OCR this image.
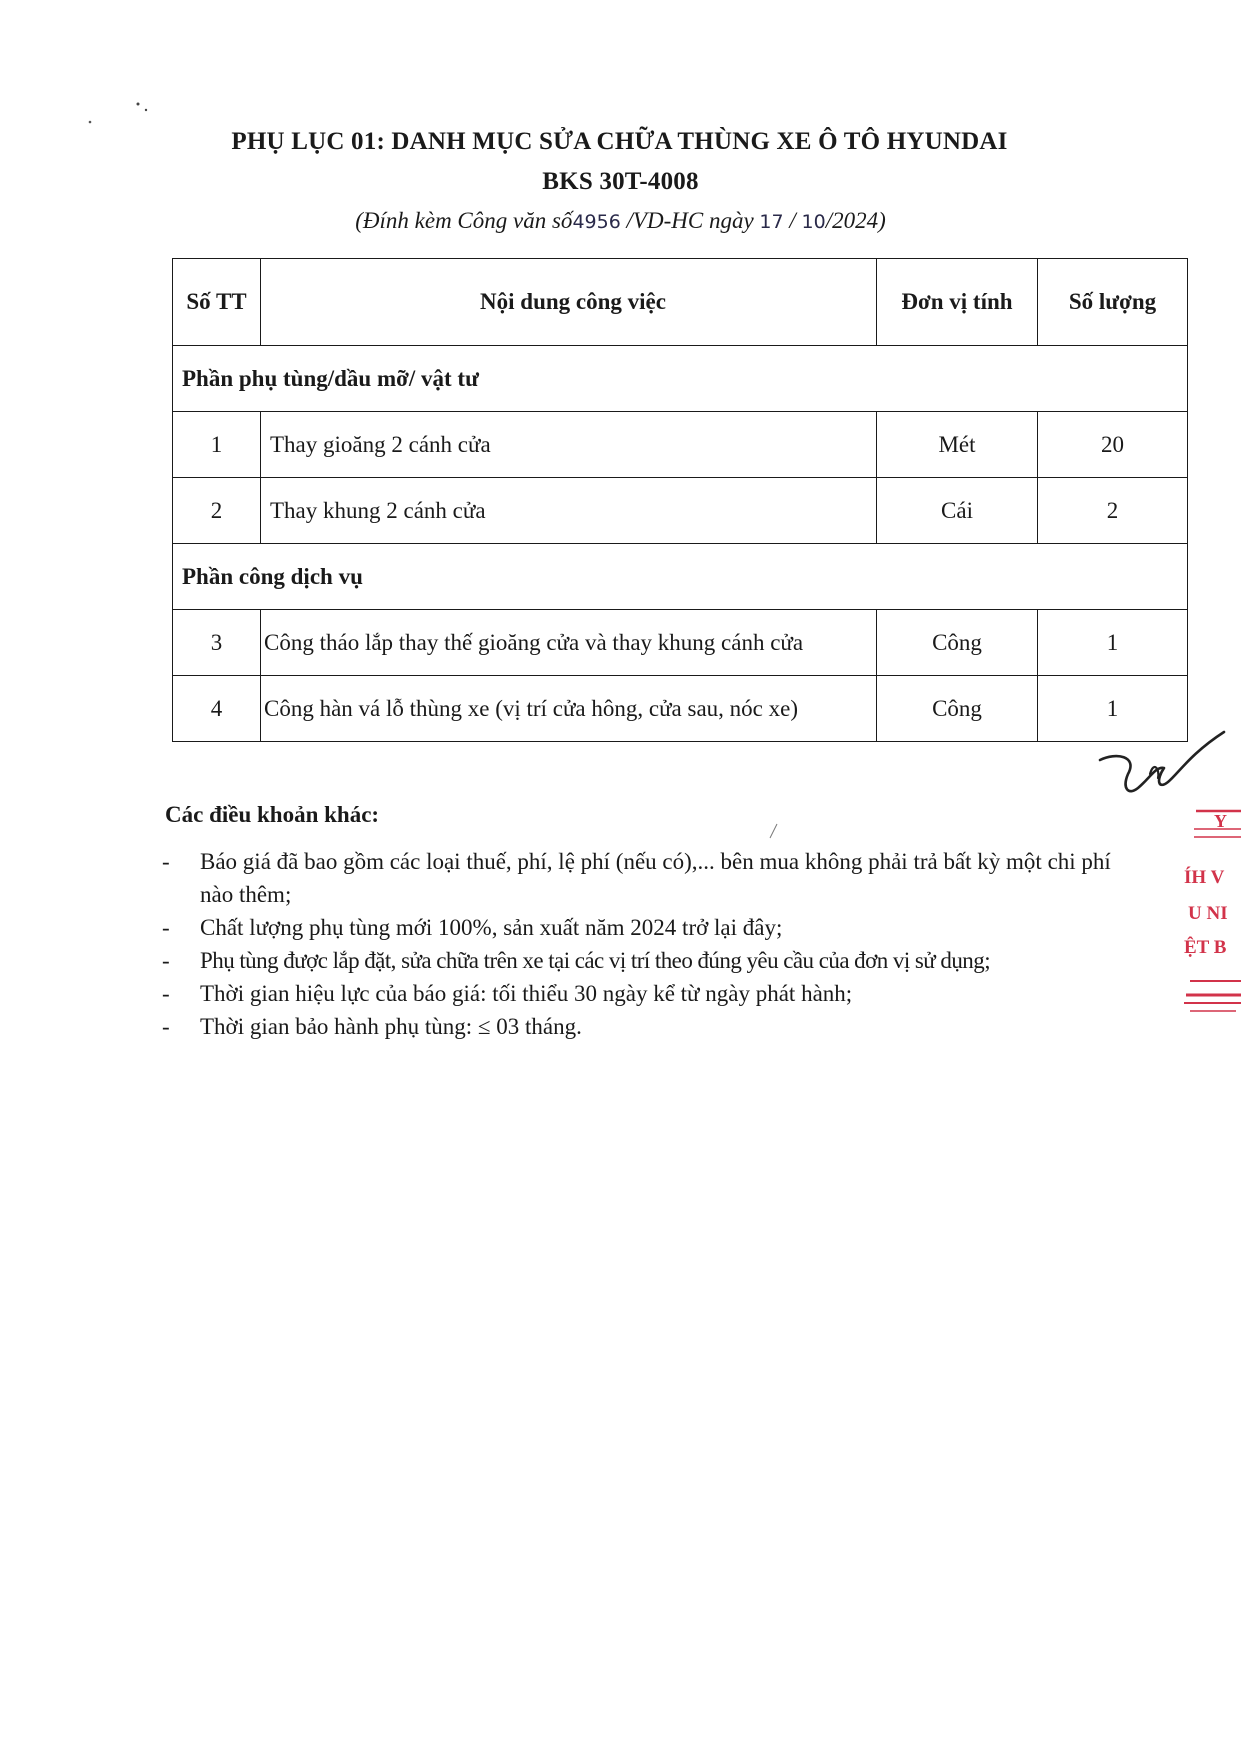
PHỤ LỤC 01: DANH MỤC SỬA CHỮA THÙNG XE Ô TÔ HYUNDAI
BKS 30T-4008
(Đính kèm Công văn số4956 /VD-HC ngày 17 / 10/2024)
Số TT	Nội dung công việc	Đơn vị tính	Số lượng
Phần phụ tùng/dầu mỡ/ vật tư			
1	Thay gioăng 2 cánh cửa	Mét	20
2	Thay khung 2 cánh cửa	Cái	2
Phần công dịch vụ			
3	Công tháo lắp thay thế gioăng cửa và thay khung cánh cửa	Công	1
4	Công hàn vá lỗ thùng xe (vị trí cửa hông, cửa sau, nóc xe)	Công	1
Y
ÍH V
U NI
ỆT B
Các điều khoản khác:
- Báo giá đã bao gồm các loại thuế, phí, lệ phí (nếu có),... bên mua không phải trả bất kỳ một chi phí nào thêm;
- Chất lượng phụ tùng mới 100%, sản xuất năm 2024 trở lại đây;
- Phụ tùng được lắp đặt, sửa chữa trên xe tại các vị trí theo đúng yêu cầu của đơn vị sử dụng;
- Thời gian hiệu lực của báo giá: tối thiểu 30 ngày kể từ ngày phát hành;
- Thời gian bảo hành phụ tùng: ≤ 03 tháng.
